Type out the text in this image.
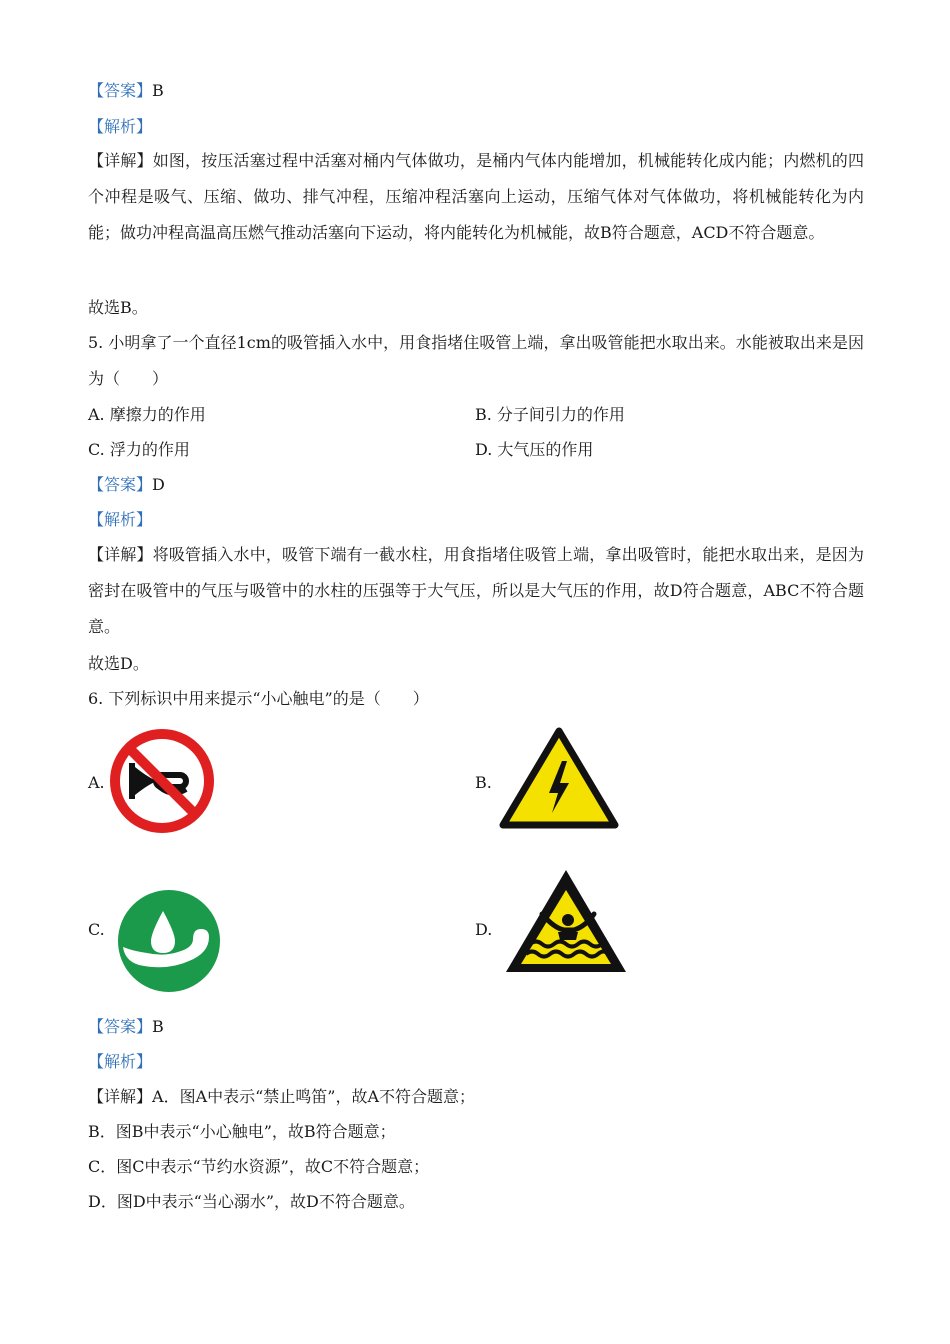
【答案】B
【解析】
【详解】如图，按压活塞过程中活塞对桶内气体做功，是桶内气体内能增加，机械能转化成内能；内燃机的四个冲程是吸气、压缩、做功、排气冲程，压缩冲程活塞向上运动，压缩气体对气体做功，将机械能转化为内能；做功冲程高温高压燃气推动活塞向下运动，将内能转化为机械能，故B符合题意，ACD不符合题意。
故选B。
5. 小明拿了一个直径1cm的吸管插入水中，用食指堵住吸管上端，拿出吸管能把水取出来。水能被取出来是因为（　　）
A. 摩擦力的作用	B. 分子间引力的作用
C. 浮力的作用	D. 大气压的作用
【答案】D
【解析】
【详解】将吸管插入水中，吸管下端有一截水柱，用食指堵住吸管上端，拿出吸管时，能把水取出来，是因为密封在吸管中的气压与吸管中的水柱的压强等于大气压，所以是大气压的作用，故D符合题意，ABC不符合题意。
故选D。
6. 下列标识中用来提示“小心触电”的是（　　）
A.	B.
C.	D.
【答案】B
【解析】
【详解】A．图A中表示“禁止鸣笛”，故A不符合题意；
B．图B中表示“小心触电”，故B符合题意；
C．图C中表示“节约水资源”，故C不符合题意；
D．图D中表示“当心溺水”，故D不符合题意。
